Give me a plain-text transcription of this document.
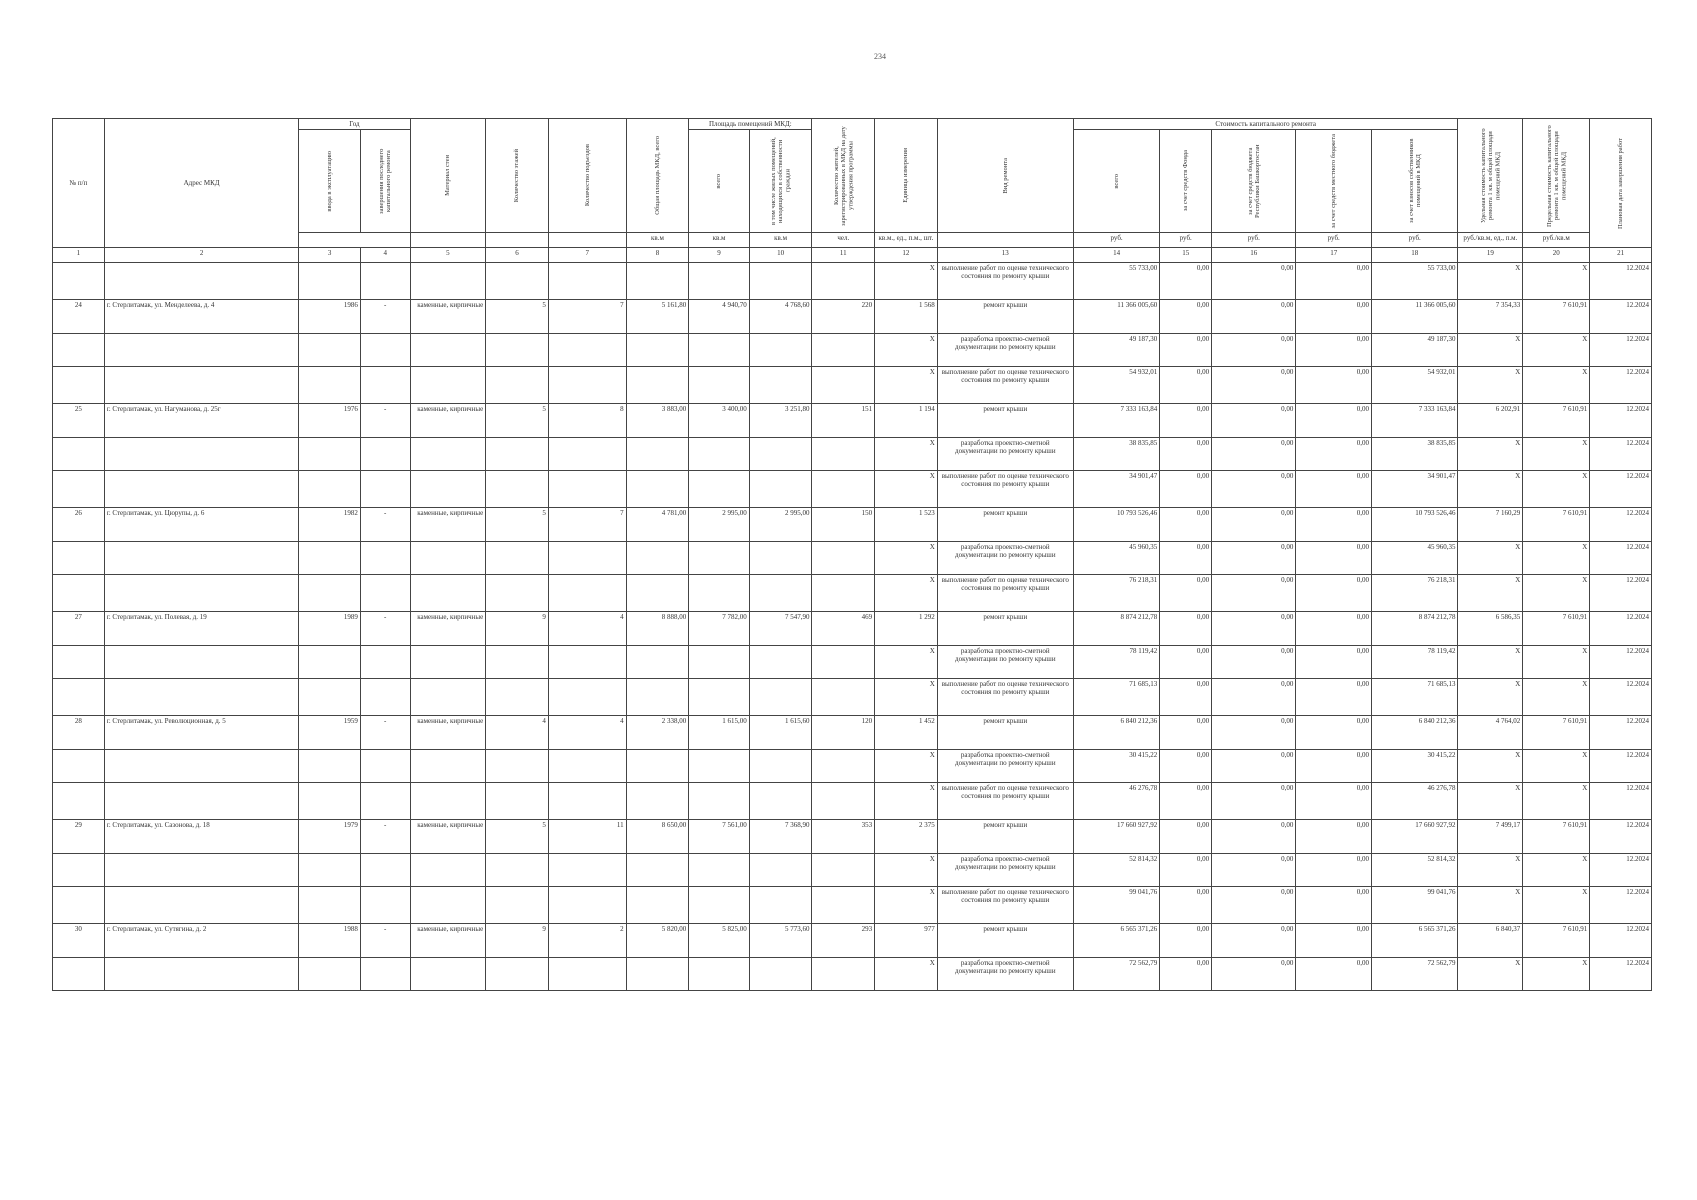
234
№ п/п	Адрес МКД	Год		Материал стен	Количество этажей	Количество подъездов	Общая площадь МКД, всего	Площадь помещений МКД:		Количество жителей, зарегистрированных в МКД на дату утверждения программы	Единица измерения	Вид ремонта	Стоимость капитального ремонта					Удельная стоимость капитального ремонта 1 кв. м общей площади помещений МКД	Предельная стоимость капитального ремонта 1 кв. м общей площади помещений МКД	Плановая дата завершения работ

		ввода в эксплуатацию	завершения последнего капитального ремонта					всего	в том числе жилых помещений, находящихся в собственности граждан				всего	за счет средств Фонда	за счет средств бюджета Республики Башкортостан	за счет средств местного бюджета	за счет взносов собственников помещений в МКД			

							кв.м	кв.м	кв.м	чел.	кв.м., ед., п.м., шт.		руб.	руб.	руб.	руб.	руб.	руб./кв.м, ед., п.м.	руб./кв.м	
1	2	3	4	5	6	7	8	9	10	11	12	13	14	15	16	17	18	19	20	21
											X	выполнение работ по оценке технического состояния по ремонту крыши	55 733,00	0,00	0,00	0,00	55 733,00	X	X	12.2024
24	г. Стерлитамак, ул. Менделеева, д. 4	1986	-	каменные, кирпичные	5	7	5 161,80	4 940,70	4 768,60	220	1 568	ремонт крыши	11 366 005,60	0,00	0,00	0,00	11 366 005,60	7 354,33	7 610,91	12.2024
											X	разработка проектно-сметной документации по ремонту крыши	49 187,30	0,00	0,00	0,00	49 187,30	X	X	12.2024
											X	выполнение работ по оценке технического состояния по ремонту крыши	54 932,01	0,00	0,00	0,00	54 932,01	X	X	12.2024
25	г. Стерлитамак, ул. Нагуманова, д. 25г	1976	-	каменные, кирпичные	5	8	3 883,00	3 400,00	3 251,80	151	1 194	ремонт крыши	7 333 163,84	0,00	0,00	0,00	7 333 163,84	6 202,91	7 610,91	12.2024
											X	разработка проектно-сметной документации по ремонту крыши	38 835,85	0,00	0,00	0,00	38 835,85	X	X	12.2024
											X	выполнение работ по оценке технического состояния по ремонту крыши	34 901,47	0,00	0,00	0,00	34 901,47	X	X	12.2024
26	г. Стерлитамак, ул. Цюрупы, д. 6	1982	-	каменные, кирпичные	5	7	4 781,00	2 995,00	2 995,00	150	1 523	ремонт крыши	10 793 526,46	0,00	0,00	0,00	10 793 526,46	7 160,29	7 610,91	12.2024
											X	разработка проектно-сметной документации по ремонту крыши	45 960,35	0,00	0,00	0,00	45 960,35	X	X	12.2024
											X	выполнение работ по оценке технического состояния по ремонту крыши	76 218,31	0,00	0,00	0,00	76 218,31	X	X	12.2024
27	г. Стерлитамак, ул. Полевая, д. 19	1989	-	каменные, кирпичные	9	4	8 888,00	7 782,00	7 547,90	469	1 292	ремонт крыши	8 874 212,78	0,00	0,00	0,00	8 874 212,78	6 586,35	7 610,91	12.2024
											X	разработка проектно-сметной документации по ремонту крыши	78 119,42	0,00	0,00	0,00	78 119,42	X	X	12.2024
											X	выполнение работ по оценке технического состояния по ремонту крыши	71 685,13	0,00	0,00	0,00	71 685,13	X	X	12.2024
28	г. Стерлитамак, ул. Революционная, д. 5	1959	-	каменные, кирпичные	4	4	2 338,00	1 615,00	1 615,60	120	1 452	ремонт крыши	6 840 212,36	0,00	0,00	0,00	6 840 212,36	4 764,02	7 610,91	12.2024
											X	разработка проектно-сметной документации по ремонту крыши	30 415,22	0,00	0,00	0,00	30 415,22	X	X	12.2024
											X	выполнение работ по оценке технического состояния по ремонту крыши	46 276,78	0,00	0,00	0,00	46 276,78	X	X	12.2024
29	г. Стерлитамак, ул. Сазонова, д. 18	1979	-	каменные, кирпичные	5	11	8 650,00	7 561,00	7 368,90	353	2 375	ремонт крыши	17 660 927,92	0,00	0,00	0,00	17 660 927,92	7 499,17	7 610,91	12.2024
											X	разработка проектно-сметной документации по ремонту крыши	52 814,32	0,00	0,00	0,00	52 814,32	X	X	12.2024
											X	выполнение работ по оценке технического состояния по ремонту крыши	99 041,76	0,00	0,00	0,00	99 041,76	X	X	12.2024
30	г. Стерлитамак, ул. Сутягина, д. 2	1988	-	каменные, кирпичные	9	2	5 820,00	5 825,00	5 773,60	293	977	ремонт крыши	6 565 371,26	0,00	0,00	0,00	6 565 371,26	6 840,37	7 610,91	12.2024
											X	разработка проектно-сметной документации по ремонту крыши	72 562,79	0,00	0,00	0,00	72 562,79	X	X	12.2024
